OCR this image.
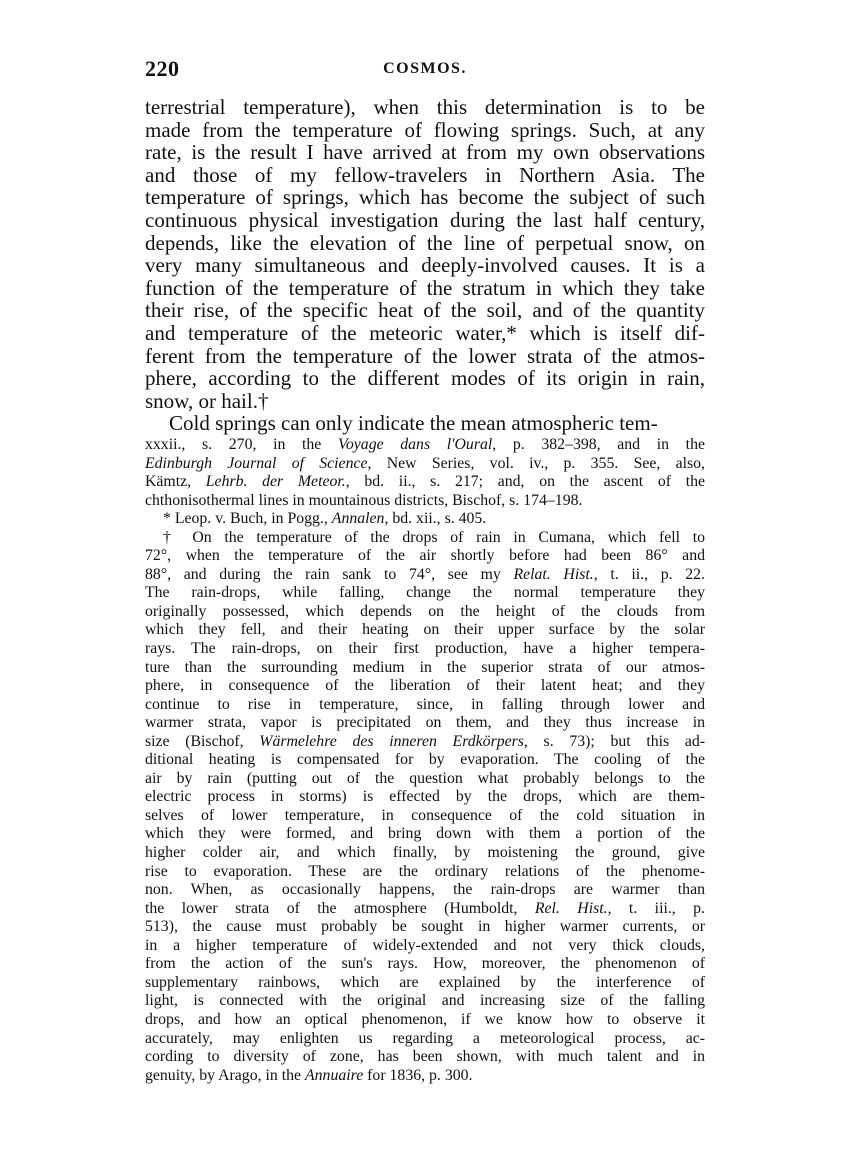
220	COSMOS.
terrestrial temperature), when this determination is to be
made from the temperature of flowing springs. Such, at any
rate, is the result I have arrived at from my own observations
and those of my fellow-travelers in Northern Asia. The
temperature of springs, which has become the subject of such
continuous physical investigation during the last half century,
depends, like the elevation of the line of perpetual snow, on
very many simultaneous and deeply-involved causes. It is a
function of the temperature of the stratum in which they take
their rise, of the specific heat of the soil, and of the quantity
and temperature of the meteoric water,* which is itself dif-
ferent from the temperature of the lower strata of the atmos-
phere, according to the different modes of its origin in rain,
snow, or hail.†
Cold springs can only indicate the mean atmospheric tem-
xxxii., s. 270, in the Voyage dans l'Oural, p. 382–398, and in the
Edinburgh Journal of Science, New Series, vol. iv., p. 355. See, also,
Kämtz, Lehrb. der Meteor., bd. ii., s. 217; and, on the ascent of the
chthonisothermal lines in mountainous districts, Bischof, s. 174–198.
* Leop. v. Buch, in Pogg., Annalen, bd. xii., s. 405.
† On the temperature of the drops of rain in Cumana, which fell to
72°, when the temperature of the air shortly before had been 86° and
88°, and during the rain sank to 74°, see my Relat. Hist., t. ii., p. 22.
The rain-drops, while falling, change the normal temperature they
originally possessed, which depends on the height of the clouds from
which they fell, and their heating on their upper surface by the solar
rays. The rain-drops, on their first production, have a higher tempera-
ture than the surrounding medium in the superior strata of our atmos-
phere, in consequence of the liberation of their latent heat; and they
continue to rise in temperature, since, in falling through lower and
warmer strata, vapor is precipitated on them, and they thus increase in
size (Bischof, Wärmelehre des inneren Erdkörpers, s. 73); but this ad-
ditional heating is compensated for by evaporation. The cooling of the
air by rain (putting out of the question what probably belongs to the
electric process in storms) is effected by the drops, which are them-
selves of lower temperature, in consequence of the cold situation in
which they were formed, and bring down with them a portion of the
higher colder air, and which finally, by moistening the ground, give
rise to evaporation. These are the ordinary relations of the phenome-
non. When, as occasionally happens, the rain-drops are warmer than
the lower strata of the atmosphere (Humboldt, Rel. Hist., t. iii., p.
513), the cause must probably be sought in higher warmer currents, or
in a higher temperature of widely-extended and not very thick clouds,
from the action of the sun's rays. How, moreover, the phenomenon of
supplementary rainbows, which are explained by the interference of
light, is connected with the original and increasing size of the falling
drops, and how an optical phenomenon, if we know how to observe it
accurately, may enlighten us regarding a meteorological process, ac-
cording to diversity of zone, has been shown, with much talent and in
genuity, by Arago, in the Annuaire for 1836, p. 300.
